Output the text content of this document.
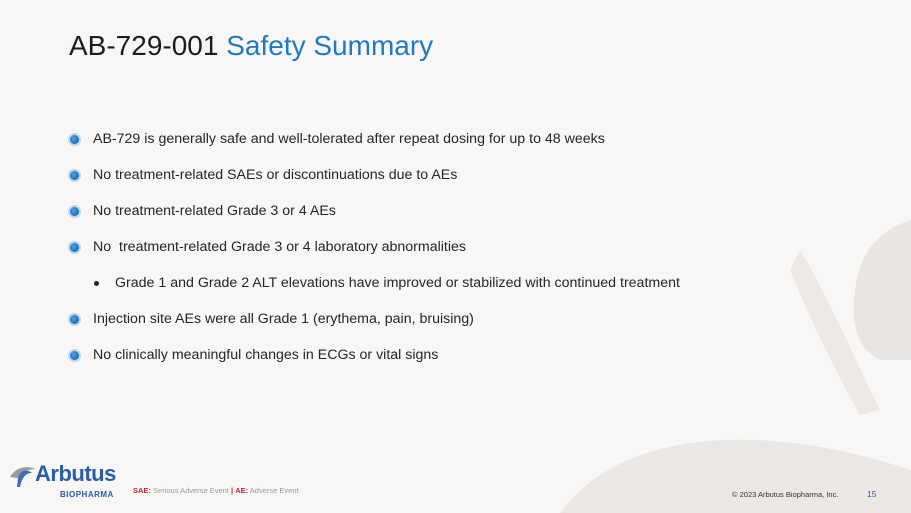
AB-729-001 Safety Summary
AB-729 is generally safe and well-tolerated after repeat dosing for up to 48 weeks
No treatment-related SAEs or discontinuations due to AEs
No treatment-related Grade 3 or 4 AEs
No  treatment-related Grade 3 or 4 laboratory abnormalities
Grade 1 and Grade 2 ALT elevations have improved or stabilized with continued treatment
Injection site AEs were all Grade 1 (erythema, pain, bruising)
No clinically meaningful changes in ECGs or vital signs
Arbutus
BIOPHARMA	SAE: Serious Adverse Event | AE: Adverse Event	© 2023 Arbutus Biopharma, Inc.	15
